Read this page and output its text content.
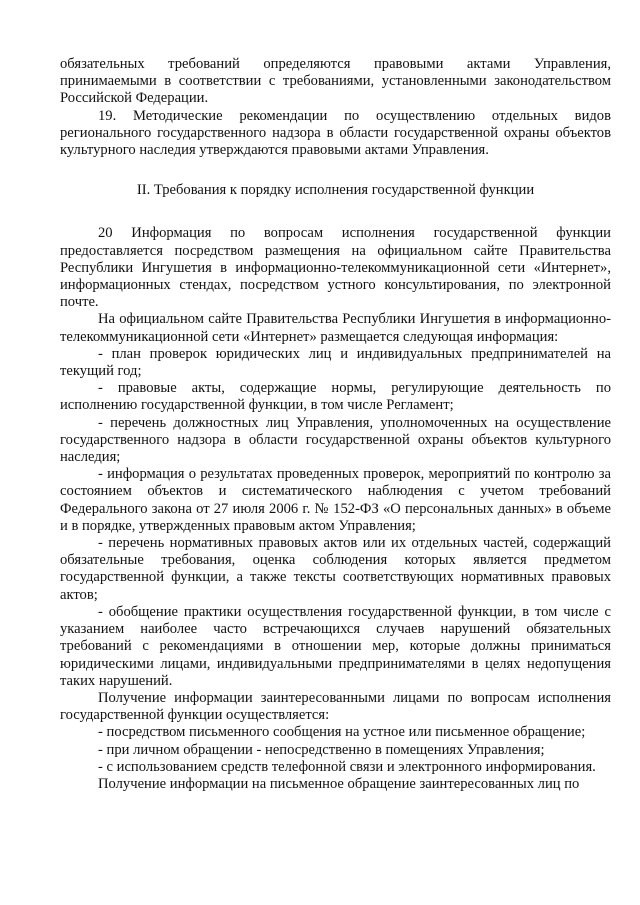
обязательных требований определяются правовыми актами Управления, принимаемыми в соответствии с требованиями, установленными законодательством Российской Федерации.

19. Методические рекомендации по осуществлению отдельных видов регионального государственного надзора в области государственной охраны объектов культурного наследия утверждаются правовыми актами Управления.

II. Требования к порядку исполнения государственной функции

20 Информация по вопросам исполнения государственной функции предоставляется посредством размещения на официальном сайте Правительства Республики Ингушетия в информационно-телекоммуникационной сети «Интернет», информационных стендах, посредством устного консультирования, по электронной почте.

На официальном сайте Правительства Республики Ингушетия в информационно-телекоммуникационной сети «Интернет» размещается следующая информация:

- план проверок юридических лиц и индивидуальных предпринимателей на текущий год;

- правовые акты, содержащие нормы, регулирующие деятельность по исполнению государственной функции, в том числе Регламент;

- перечень должностных лиц Управления, уполномоченных на осуществление государственного надзора в области государственной охраны объектов культурного наследия;

- информация о результатах проведенных проверок, мероприятий по контролю за состоянием объектов и систематического наблюдения с учетом требований Федерального закона от 27 июля 2006 г. № 152-ФЗ «О персональных данных» в объеме и в порядке, утвержденных правовым актом Управления;

- перечень нормативных правовых актов или их отдельных частей, содержащий обязательные требования, оценка соблюдения которых является предметом государственной функции, а также тексты соответствующих нормативных правовых актов;

- обобщение практики осуществления государственной функции, в том числе с указанием наиболее часто встречающихся случаев нарушений обязательных требований с рекомендациями в отношении мер, которые должны приниматься юридическими лицами, индивидуальными предпринимателями в целях недопущения таких нарушений.

Получение информации заинтересованными лицами по вопросам исполнения государственной функции осуществляется:

- посредством письменного сообщения на устное или письменное обращение;

- при личном обращении - непосредственно в помещениях Управления;

- с использованием средств телефонной связи и электронного информирования.

Получение информации на письменное обращение заинтересованных лиц по
